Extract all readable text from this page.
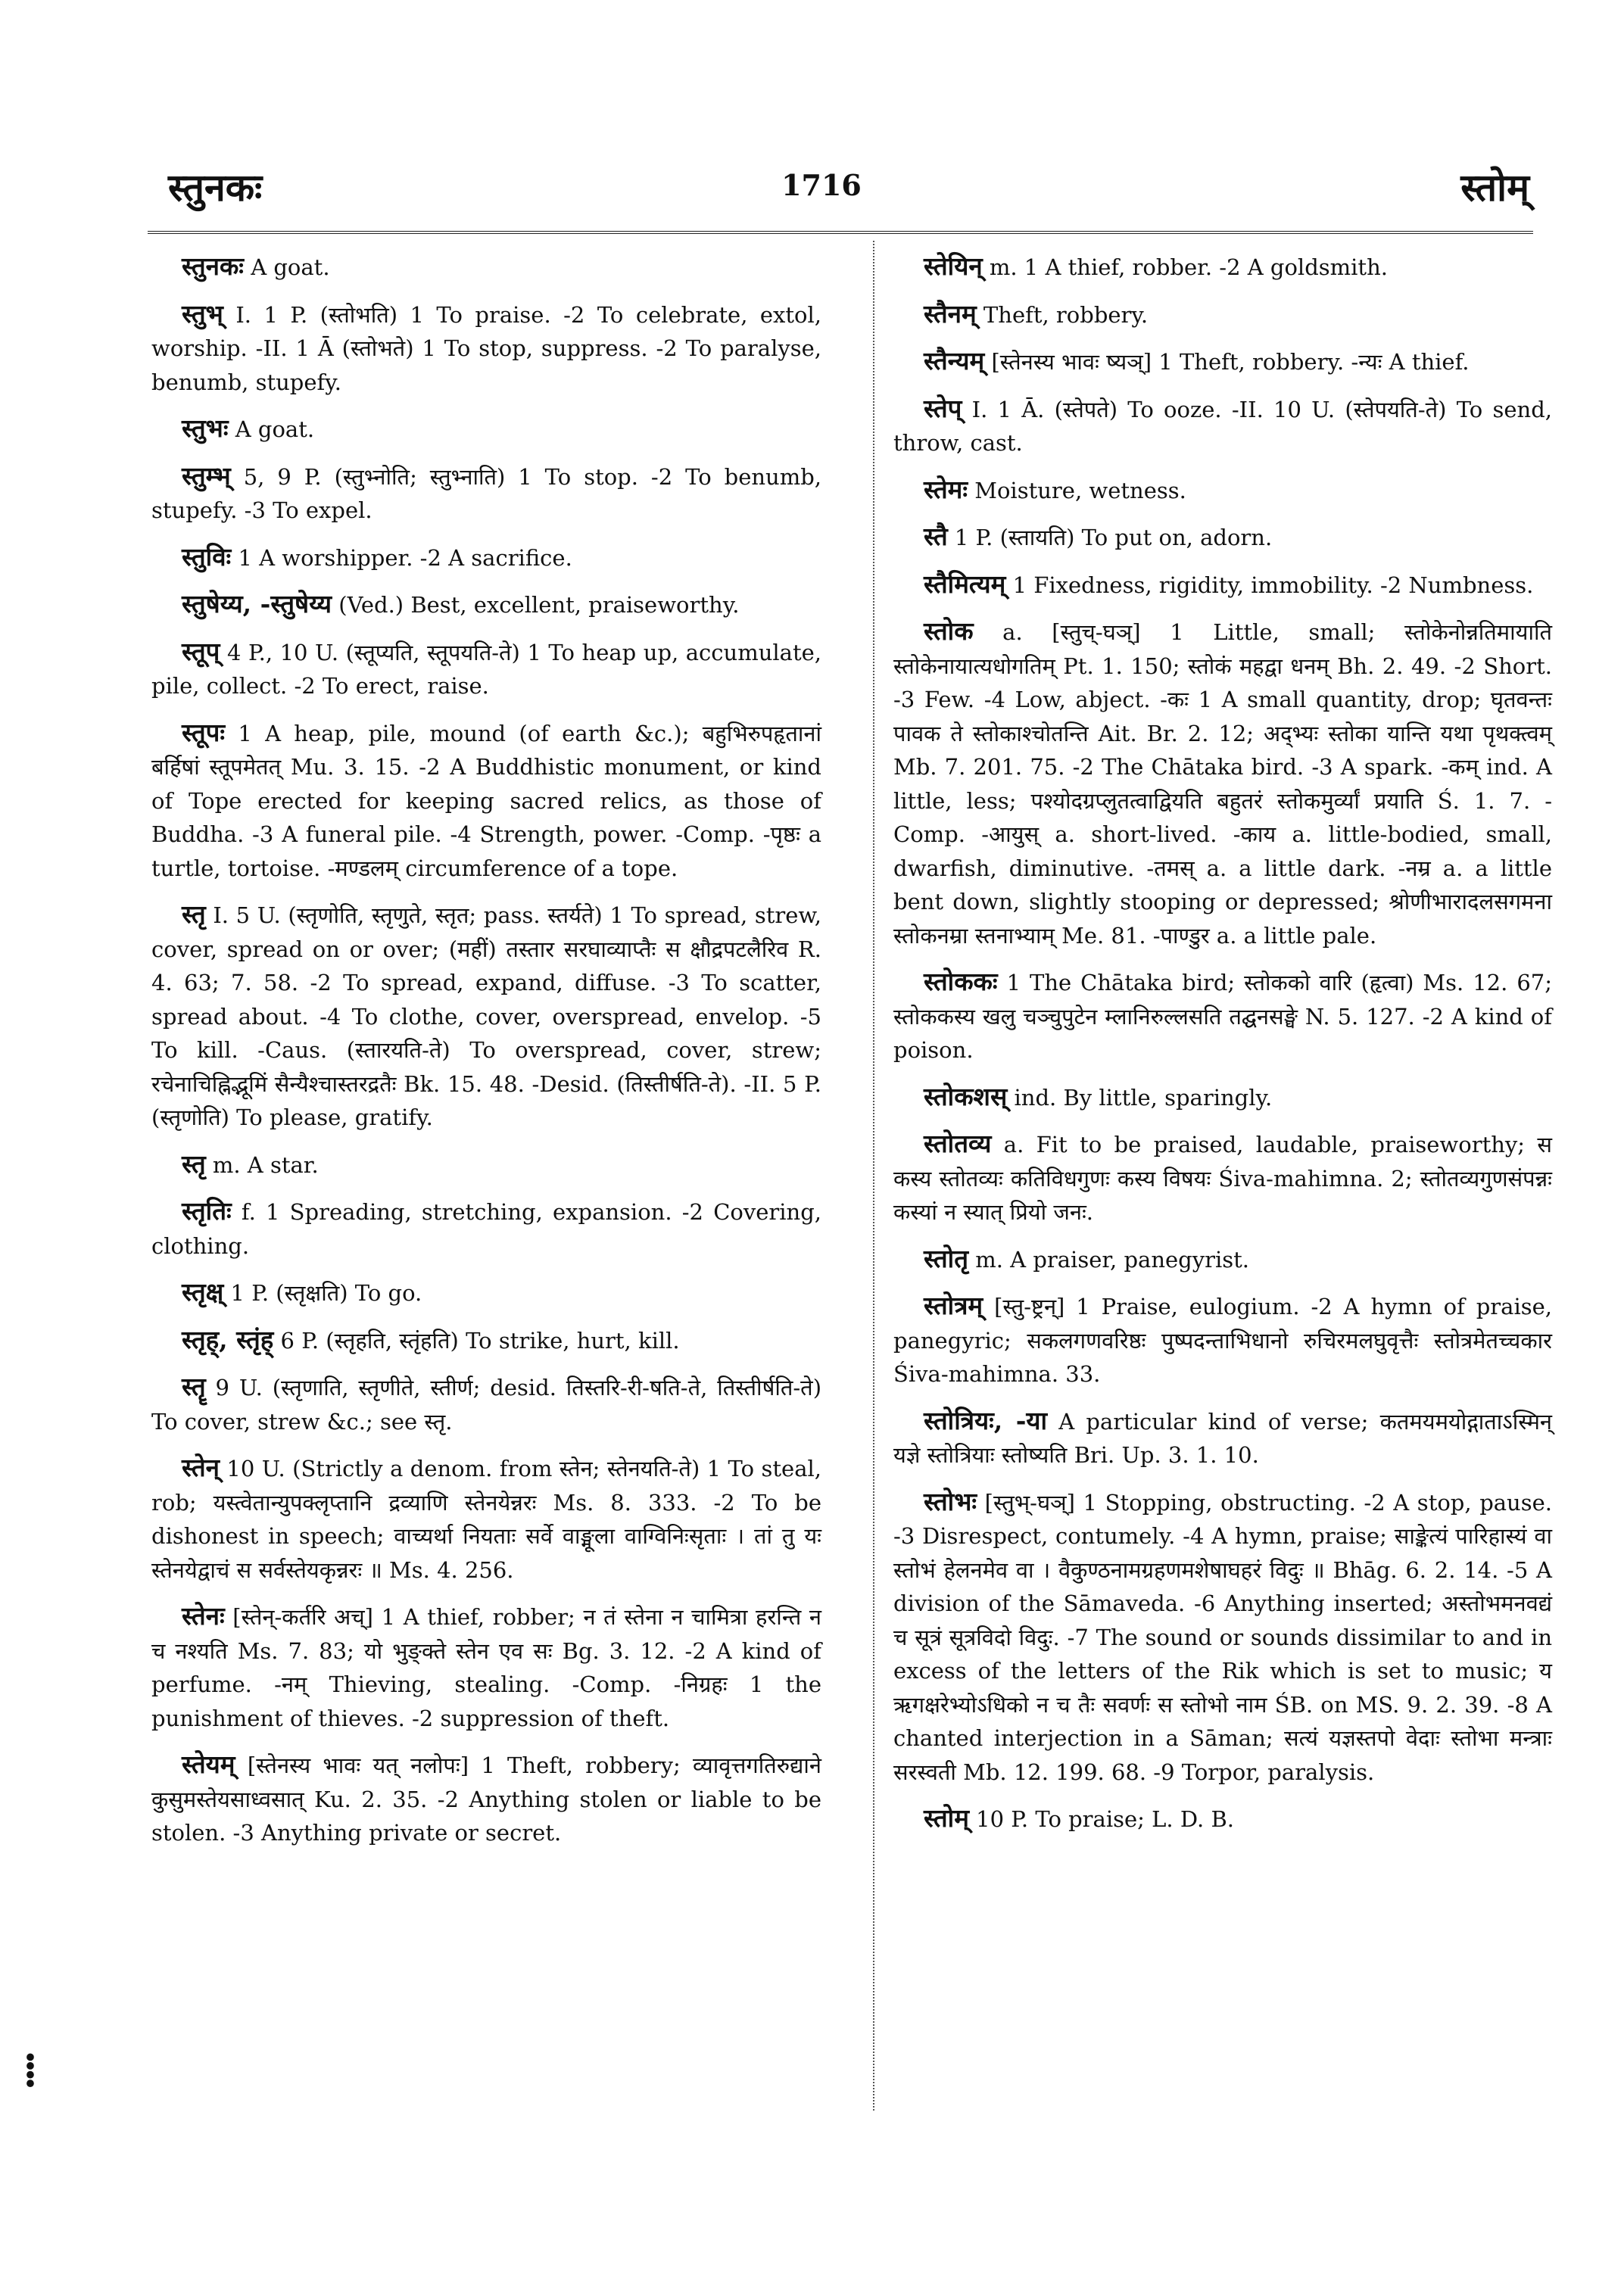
स्तुनकः	1716	स्तोम्

स्तुनकः A goat.

स्तुभ् I. 1 P. (स्तोभति) 1 To praise. -2 To celebrate, extol, worship. -II. 1 Ā (स्तोभते) 1 To stop, suppress. -2 To paralyse, benumb, stupefy.

स्तुभः A goat.

स्तुम्भ् 5, 9 P. (स्तुभ्नोति; स्तुभ्नाति) 1 To stop. -2 To benumb, stupefy. -3 To expel.

स्तुविः 1 A worshipper. -2 A sacrifice.

स्तुषेय्य, -स्तुषेय्य (Ved.) Best, excellent, praiseworthy.

स्तूप् 4 P., 10 U. (स्तूप्यति, स्तूपयति-ते) 1 To heap up, accumulate, pile, collect. -2 To erect, raise.

स्तूपः 1 A heap, pile, mound (of earth &c.); बहुभिरुपहृतानां बर्हिषां स्तूपमेतत् Mu. 3. 15. -2 A Buddhistic monument, or kind of Tope erected for keeping sacred relics, as those of Buddha. -3 A funeral pile. -4 Strength, power. -Comp. -पृष्ठः a turtle, tortoise. -मण्डलम् circumference of a tope.

स्तृ I. 5 U. (स्तृणोति, स्तृणुते, स्तृत; pass. स्तर्यते) 1 To spread, strew, cover, spread on or over; (महीं) तस्तार सरघाव्याप्तैः स क्षौद्रपटलैरिव R. 4. 63; 7. 58. -2 To spread, expand, diffuse. -3 To scatter, spread about. -4 To clothe, cover, overspread, envelop. -5 To kill. -Caus. (स्तारयति-ते) To overspread, cover, strew; रचेनाचिह्निद्भूमिं सैन्यैश्चास्तरद्रतैः Bk. 15. 48. -Desid. (तिस्तीर्षति-ते). -II. 5 P. (स्तृणोति) To please, gratify.

स्तृ m. A star.

स्तृतिः f. 1 Spreading, stretching, expansion. -2 Covering, clothing.

स्तृक्ष् 1 P. (स्तृक्षति) To go.

स्तृह्, स्तृंह् 6 P. (स्तृहति, स्तृंहति) To strike, hurt, kill.

स्तॄ 9 U. (स्तृणाति, स्तृणीते, स्तीर्ण; desid. तिस्तरि-री-षति-ते, तिस्तीर्षति-ते) To cover, strew &c.; see स्तृ.

स्तेन् 10 U. (Strictly a denom. from स्तेन; स्तेनयति-ते) 1 To steal, rob; यस्त्वेतान्युपक्लृप्तानि द्रव्याणि स्तेनयेन्नरः Ms. 8. 333. -2 To be dishonest in speech; वाच्यर्था नियताः सर्वे वाङ्मूला वाग्विनिःसृताः । तां तु यः स्तेनयेद्वाचं स सर्वस्तेयकृन्नरः ॥ Ms. 4. 256.

स्तेनः [स्तेन्-कर्तरि अच्] 1 A thief, robber; न तं स्तेना न चामित्रा हरन्ति न च नश्यति Ms. 7. 83; यो भुङ्क्ते स्तेन एव सः Bg. 3. 12. -2 A kind of perfume. -नम् Thieving, stealing. -Comp. -निग्रहः 1 the punishment of thieves. -2 suppression of theft.

स्तेयम् [स्तेनस्य भावः यत् नलोपः] 1 Theft, robbery; व्यावृत्तगतिरुद्याने कुसुमस्तेयसाध्वसात् Ku. 2. 35. -2 Anything stolen or liable to be stolen. -3 Anything private or secret.

स्तेयिन् m. 1 A thief, robber. -2 A goldsmith.

स्तैनम् Theft, robbery.

स्तैन्यम् [स्तेनस्य भावः ष्यञ्] 1 Theft, robbery. -न्यः A thief.

स्तेप् I. 1 Ā. (स्तेपते) To ooze. -II. 10 U. (स्तेपयति-ते) To send, throw, cast.

स्तेमः Moisture, wetness.

स्तै 1 P. (स्तायति) To put on, adorn.

स्तैमित्यम् 1 Fixedness, rigidity, immobility. -2 Numbness.

स्तोक a. [स्तुच्-घञ्] 1 Little, small; स्तोकेनोन्नतिमायाति स्तोकेनायात्यधोगतिम् Pt. 1. 150; स्तोकं महद्वा धनम् Bh. 2. 49. -2 Short. -3 Few. -4 Low, abject. -कः 1 A small quantity, drop; घृतवन्तः पावक ते स्तोकाश्चोतन्ति Ait. Br. 2. 12; अद्भ्यः स्तोका यान्ति यथा पृथक्त्वम् Mb. 7. 201. 75. -2 The Chātaka bird. -3 A spark. -कम् ind. A little, less; पश्योदग्रप्लुतत्वाद्वियति बहुतरं स्तोकमुर्व्यां प्रयाति Ś. 1. 7. -Comp. -आयुस् a. short-lived. -काय a. little-bodied, small, dwarfish, diminutive. -तमस् a. a little dark. -नम्र a. a little bent down, slightly stooping or depressed; श्रोणीभारादलसगमना स्तोकनम्रा स्तनाभ्याम् Me. 81. -पाण्डुर a. a little pale.

स्तोककः 1 The Chātaka bird; स्तोकको वारि (हृत्वा) Ms. 12. 67; स्तोककस्य खलु चञ्चुपुटेन म्लानिरुल्लसति तद्घनसङ्घे N. 5. 127. -2 A kind of poison.

स्तोकशस् ind. By little, sparingly.

स्तोतव्य a. Fit to be praised, laudable, praiseworthy; स कस्य स्तोतव्यः कतिविधगुणः कस्य विषयः Śiva-mahimna. 2; स्तोतव्यगुणसंपन्नः कस्यां न स्यात् प्रियो जनः.

स्तोतृ m. A praiser, panegyrist.

स्तोत्रम् [स्तु-ष्ट्रन्] 1 Praise, eulogium. -2 A hymn of praise, panegyric; सकलगणवरिष्ठः पुष्पदन्ताभिधानो रुचिरमलघुवृत्तैः स्तोत्रमेतच्चकार Śiva-mahimna. 33.

स्तोत्रियः, -या A particular kind of verse; कतमयमयोद्गाताऽस्मिन् यज्ञे स्तोत्रियाः स्तोष्यति Bri. Up. 3. 1. 10.

स्तोभः [स्तुभ्-घञ्] 1 Stopping, obstructing. -2 A stop, pause. -3 Disrespect, contumely. -4 A hymn, praise; साङ्केत्यं पारिहास्यं वा स्तोभं हेलनमेव वा । वैकुण्ठनामग्रहणमशेषाघहरं विदुः ॥ Bhāg. 6. 2. 14. -5 A division of the Sāmaveda. -6 Anything inserted; अस्तोभमनवद्यं च सूत्रं सूत्रविदो विदुः. -7 The sound or sounds dissimilar to and in excess of the letters of the Rik which is set to music; य ऋगक्षरेभ्योऽधिको न च तैः सवर्णः स स्तोभो नाम ŚB. on MS. 9. 2. 39. -8 A chanted interjection in a Sāman; सत्यं यज्ञस्तपो वेदाः स्तोभा मन्त्राः सरस्वती Mb. 12. 199. 68. -9 Torpor, paralysis.

स्तोम् 10 P. To praise; L. D. B.

⁞
